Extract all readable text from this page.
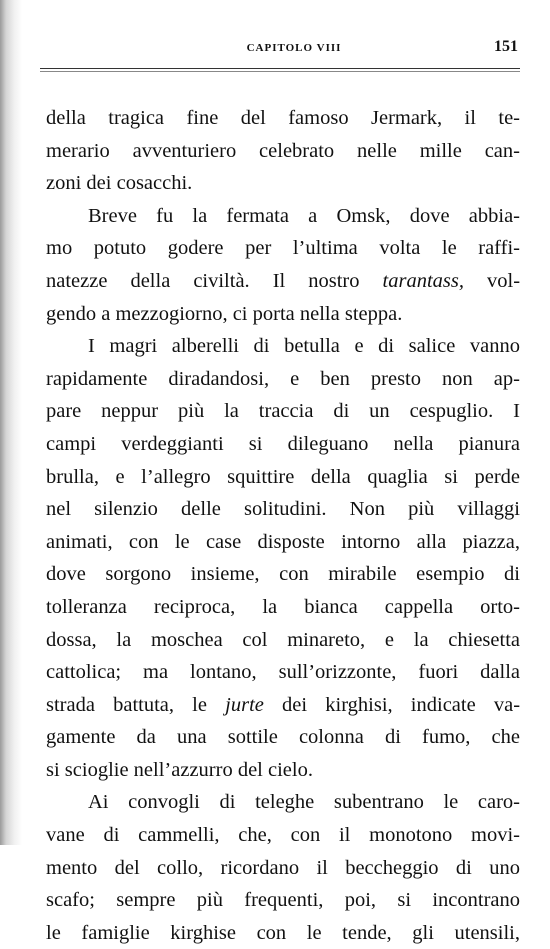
CAPITOLO VIII	151
della tragica fine del famoso Jermark, il te-
merario avventuriero celebrato nelle mille can-
zoni dei cosacchi.
Breve fu la fermata a Omsk, dove abbia-
mo potuto godere per l’ultima volta le raffi-
natezze della civiltà. Il nostro tarantass, vol-
gendo a mezzogiorno, ci porta nella steppa.
I magri alberelli di betulla e di salice vanno
rapidamente diradandosi, e ben presto non ap-
pare neppur più la traccia di un cespuglio. I
campi verdeggianti si dileguano nella pianura
brulla, e l’allegro squittire della quaglia si perde
nel silenzio delle solitudini. Non più villaggi
animati, con le case disposte intorno alla piazza,
dove sorgono insieme, con mirabile esempio di
tolleranza reciproca, la bianca cappella orto-
dossa, la moschea col minareto, e la chiesetta
cattolica; ma lontano, sull’orizzonte, fuori dalla
strada battuta, le jurte dei kirghisi, indicate va-
gamente da una sottile colonna di fumo, che
si scioglie nell’azzurro del cielo.
Ai convogli di teleghe subentrano le caro-
vane di cammelli, che, con il monotono movi-
mento del collo, ricordano il beccheggio di uno
scafo; sempre più frequenti, poi, si incontrano
le famiglie kirghise con le tende, gli utensili,
